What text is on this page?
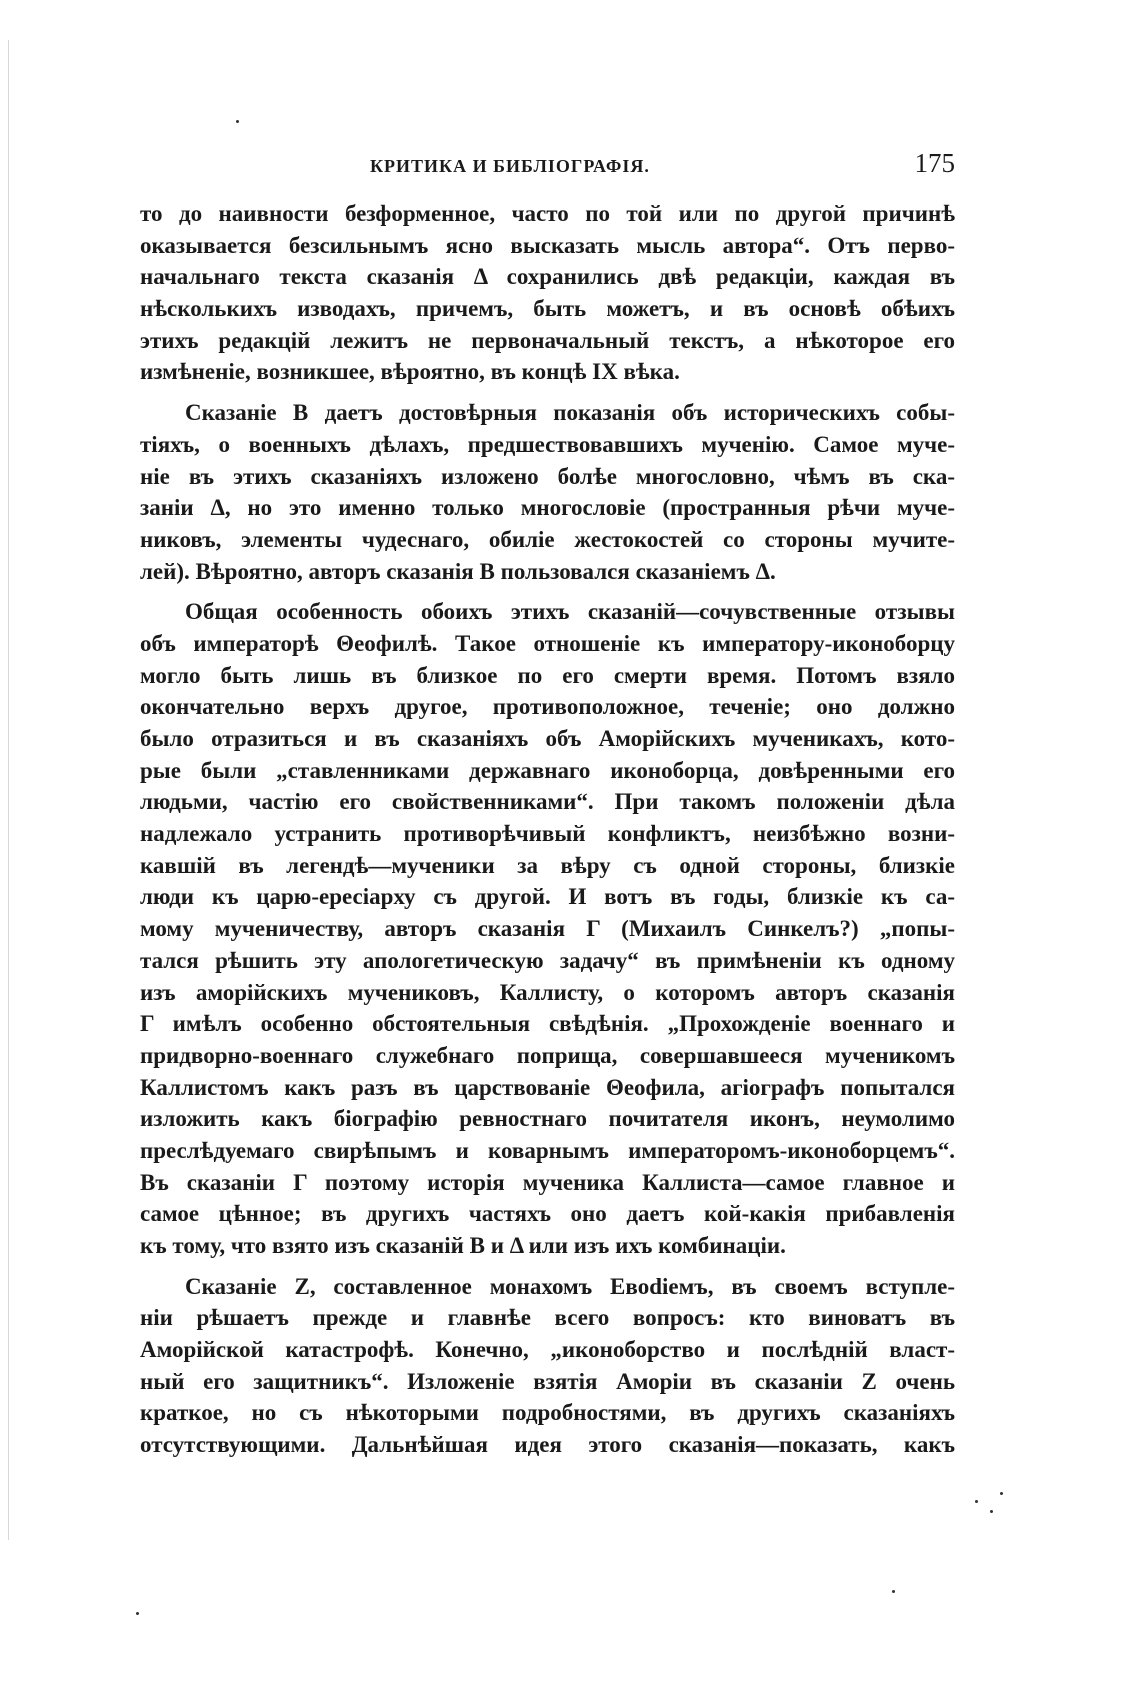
КРИТИКА И БИБЛІОГРАФІЯ.	175

то до наивности безформенное, часто по той или по другой причинѣ
оказывается безсильнымъ ясно высказать мысль автора“. Отъ перво-
начальнаго текста сказанія Δ сохранились двѣ редакціи, каждая въ
нѣсколькихъ изводахъ, причемъ, быть можетъ, и въ основѣ обѣихъ
этихъ редакцій лежитъ не первоначальный текстъ, а нѣкоторое его
измѣненіе, возникшее, вѣроятно, въ концѣ IX вѣка.

Сказаніе B даетъ достовѣрныя показанія объ историческихъ собы-
тіяхъ, о военныхъ дѣлахъ, предшествовавшихъ мученію. Самое муче-
ніе въ этихъ сказаніяхъ изложено болѣе многословно, чѣмъ въ ска-
заніи Δ, но это именно только многословіе (пространныя рѣчи муче-
никовъ, элементы чудеснаго, обиліе жестокостей со стороны мучите-
лей). Вѣроятно, авторъ сказанія В пользовался сказаніемъ Δ.

Общая особенность обоихъ этихъ сказаній—сочувственные отзывы
объ императорѣ Θеофилѣ. Такое отношеніе къ императору-иконоборцу
могло быть лишь въ близкое по его смерти время. Потомъ взяло
окончательно верхъ другое, противоположное, теченіе; оно должно
было отразиться и въ сказаніяхъ объ Аморійскихъ мученикахъ, кото-
рые были „ставленниками державнаго иконоборца, довѣренными его
людьми, частію его свойственниками“. При такомъ положеніи дѣла
надлежало устранить противорѣчивый конфликтъ, неизбѣжно возни-
кавшій въ легендѣ—мученики за вѣру съ одной стороны, близкіе
люди къ царю-ересіарху съ другой. И вотъ въ годы, близкіе къ са-
мому мученичеству, авторъ сказанія Γ (Михаилъ Синкелъ?) „попы-
тался рѣшить эту апологетическую задачу“ въ примѣненіи къ одному
изъ аморійскихъ мучениковъ, Каллисту, о которомъ авторъ сказанія
Γ имѣлъ особенно обстоятельныя свѣдѣнія. „Прохожденіе военнаго и
придворно-военнаго служебнаго поприща, совершавшееся мученикомъ
Каллистомъ какъ разъ въ царствованіе Θеофила, агіографъ попытался
изложить какъ біографію ревностнаго почитателя иконъ, неумолимо
преслѣдуемаго свирѣпымъ и коварнымъ императоромъ-иконоборцемъ“.
Въ сказаніи Γ поэтому исторія мученика Каллиста—самое главное и
самое цѣнное; въ другихъ частяхъ оно даетъ кой-какія прибавленія
къ тому, что взято изъ сказаній В и Δ или изъ ихъ комбинаціи.

Сказаніе Z, составленное монахомъ Евodіемъ, въ своемъ вступле-
ніи рѣшаетъ прежде и главнѣе всего вопросъ: кто виноватъ въ
Аморійской катастрофѣ. Конечно, „иконоборство и послѣдній власт-
ный его защитникъ“. Изложеніе взятія Аморіи въ сказаніи Z очень
краткое, но съ нѣкоторыми подробностями, въ другихъ сказаніяхъ
отсутствующими. Дальнѣйшая идея этого сказанія—показать, какъ
